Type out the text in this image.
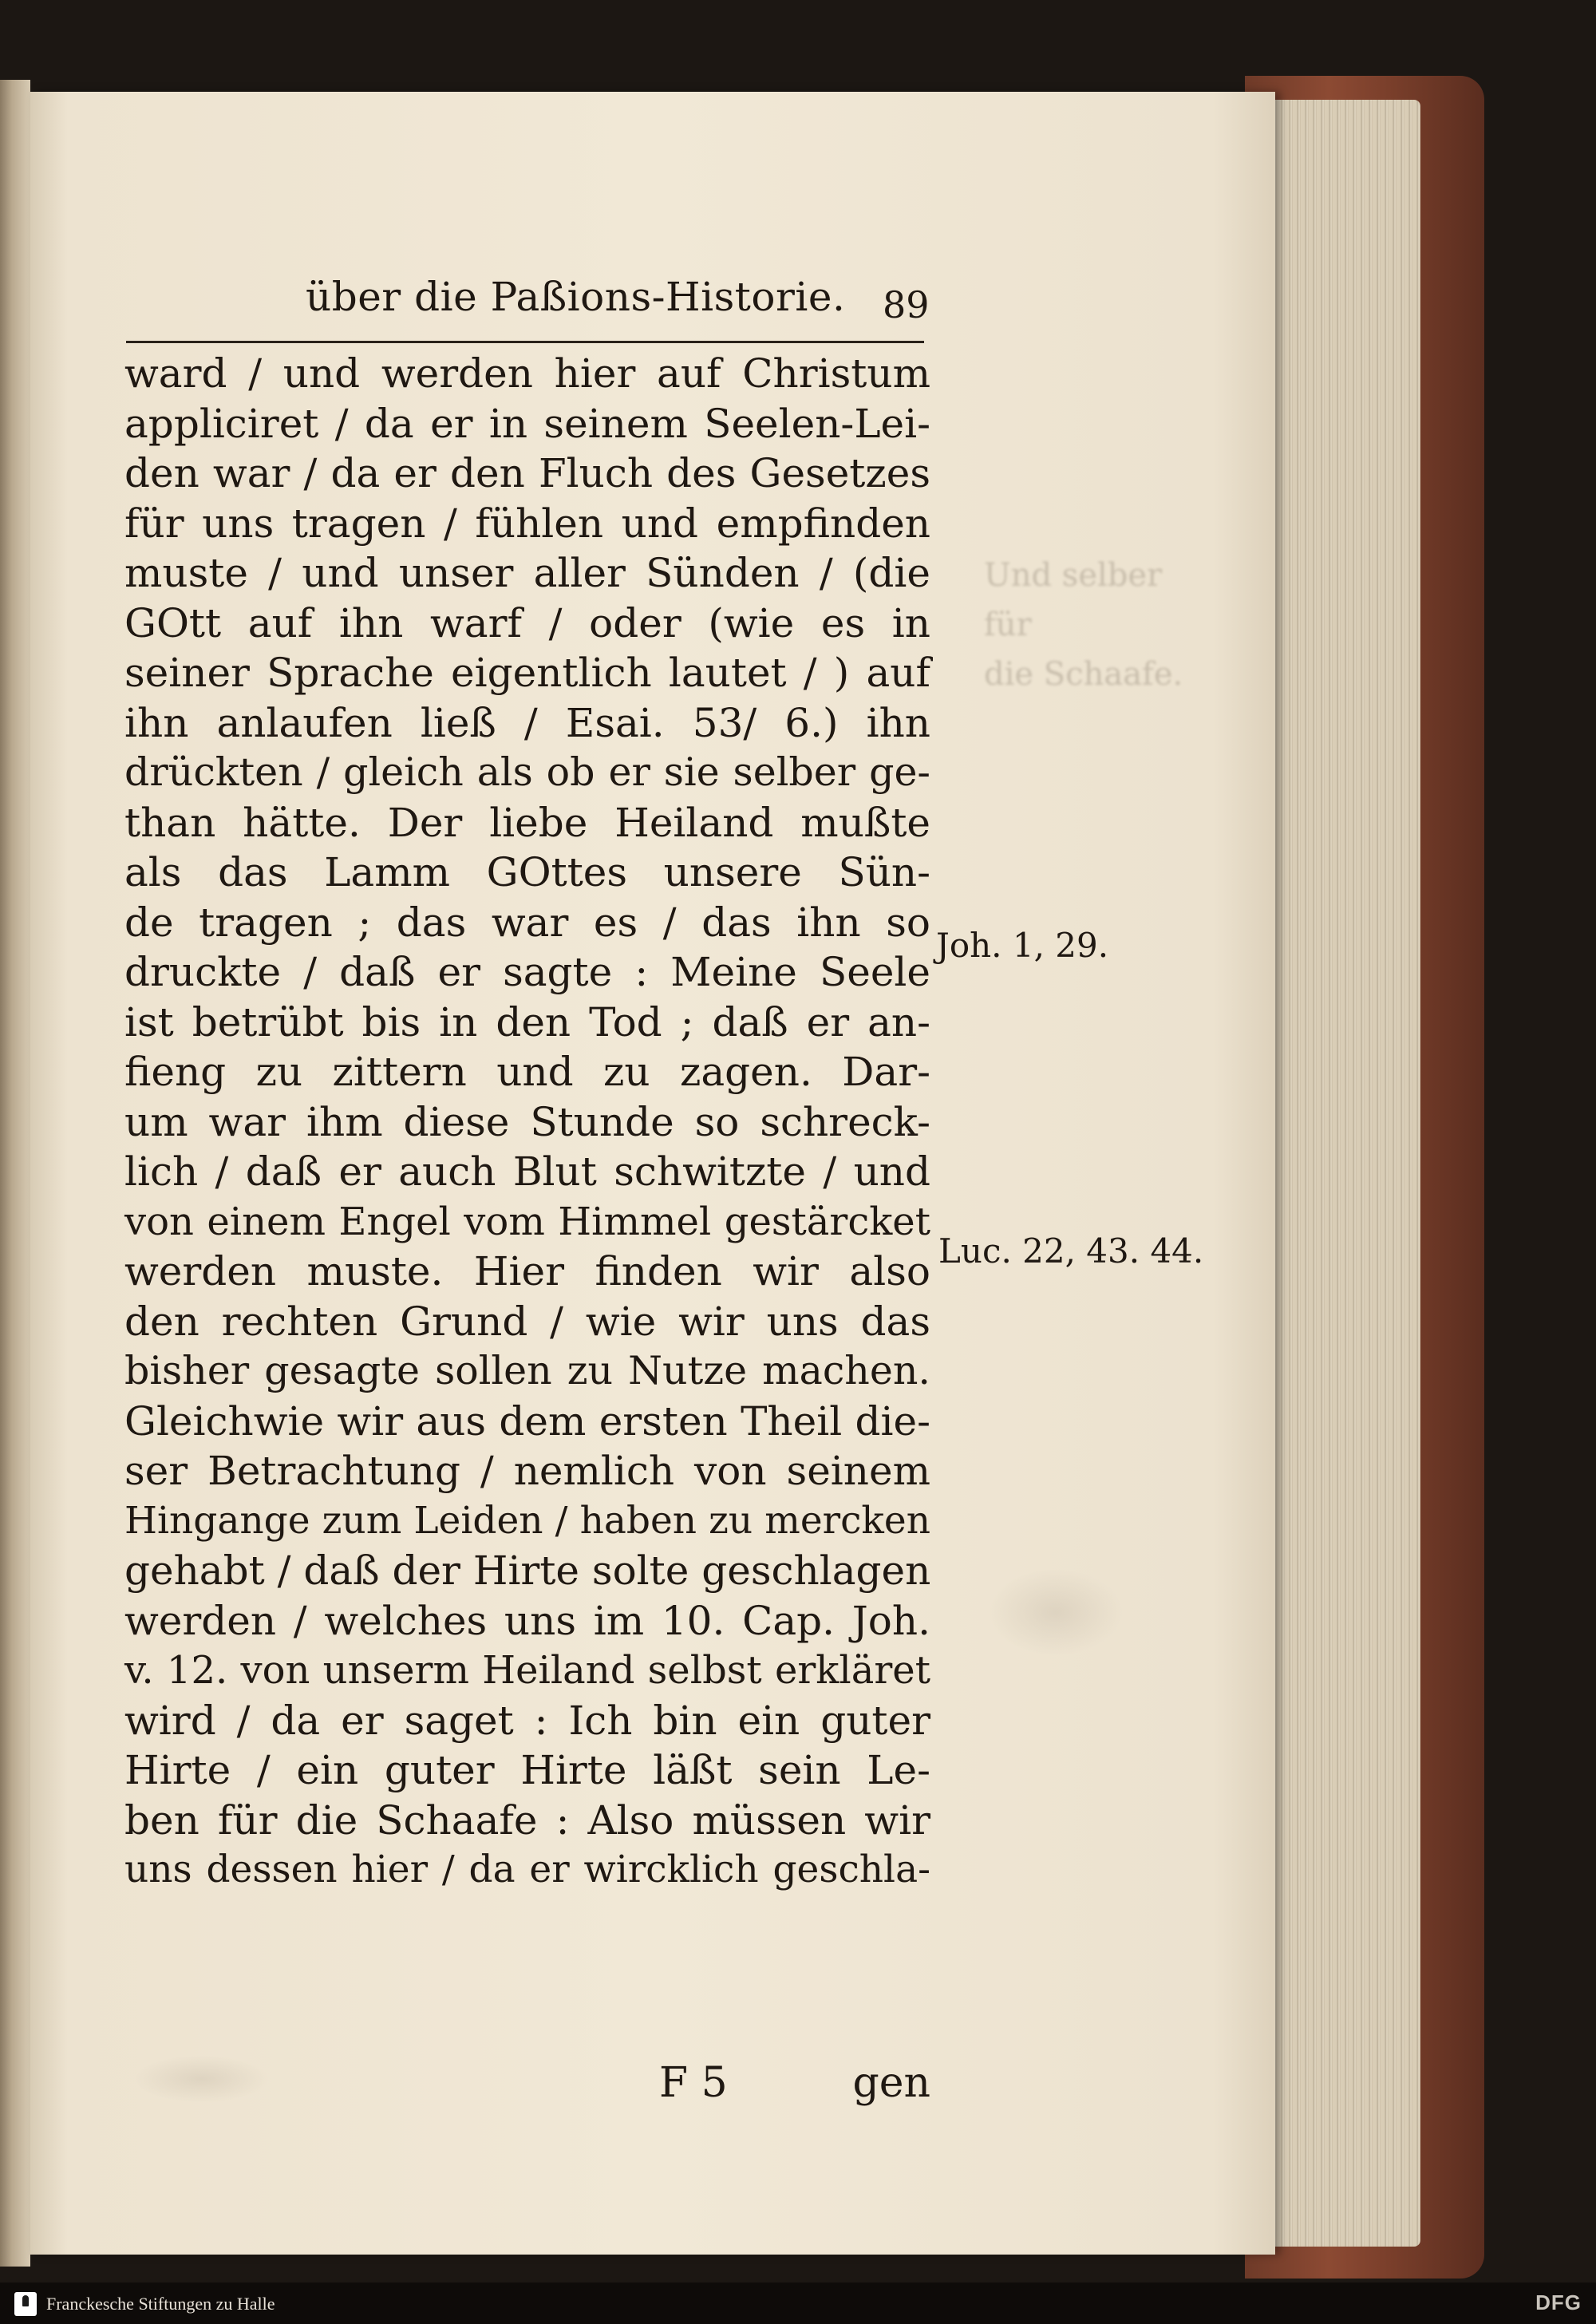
Und selber für
die Schaafe.
über die Paßions-Historie. 89
ward / und werden hier auf Christum
appliciret / da er in seinem Seelen-Lei-
den war / da er den Fluch des Gesetzes
für uns tragen / fühlen und empfinden
muste / und unser aller Sünden / (die
GOtt auf ihn warf / oder (wie es in
seiner Sprache eigentlich lautet / ) auf
ihn anlaufen ließ / Esai. 53/ 6.) ihn
drückten / gleich als ob er sie selber ge-
than hätte. Der liebe Heiland mußte
als das Lamm GOttes unsere Sün-
de tragen ; das war es / das ihn so
druckte / daß er sagte : Meine Seele
ist betrübt bis in den Tod ; daß er an-
fieng zu zittern und zu zagen. Dar-
um war ihm diese Stunde so schreck-
lich / daß er auch Blut schwitzte / und
von einem Engel vom Himmel gestärcket
werden muste. Hier finden wir also
den rechten Grund / wie wir uns das
bisher gesagte sollen zu Nutze machen.
Gleichwie wir aus dem ersten Theil die-
ser Betrachtung / nemlich von seinem
Hingange zum Leiden / haben zu mercken
gehabt / daß der Hirte solte geschlagen
werden / welches uns im 10. Cap. Joh.
v. 12. von unserm Heiland selbst erkläret
wird / da er saget : Ich bin ein guter
Hirte / ein guter Hirte läßt sein Le-
ben für die Schaafe : Also müssen wir
uns dessen hier / da er wircklich geschla-
Joh. 1, 29.
Luc. 22, 43. 44.
F 5	gen
Franckesche Stiftungen zu Halle	DFG
